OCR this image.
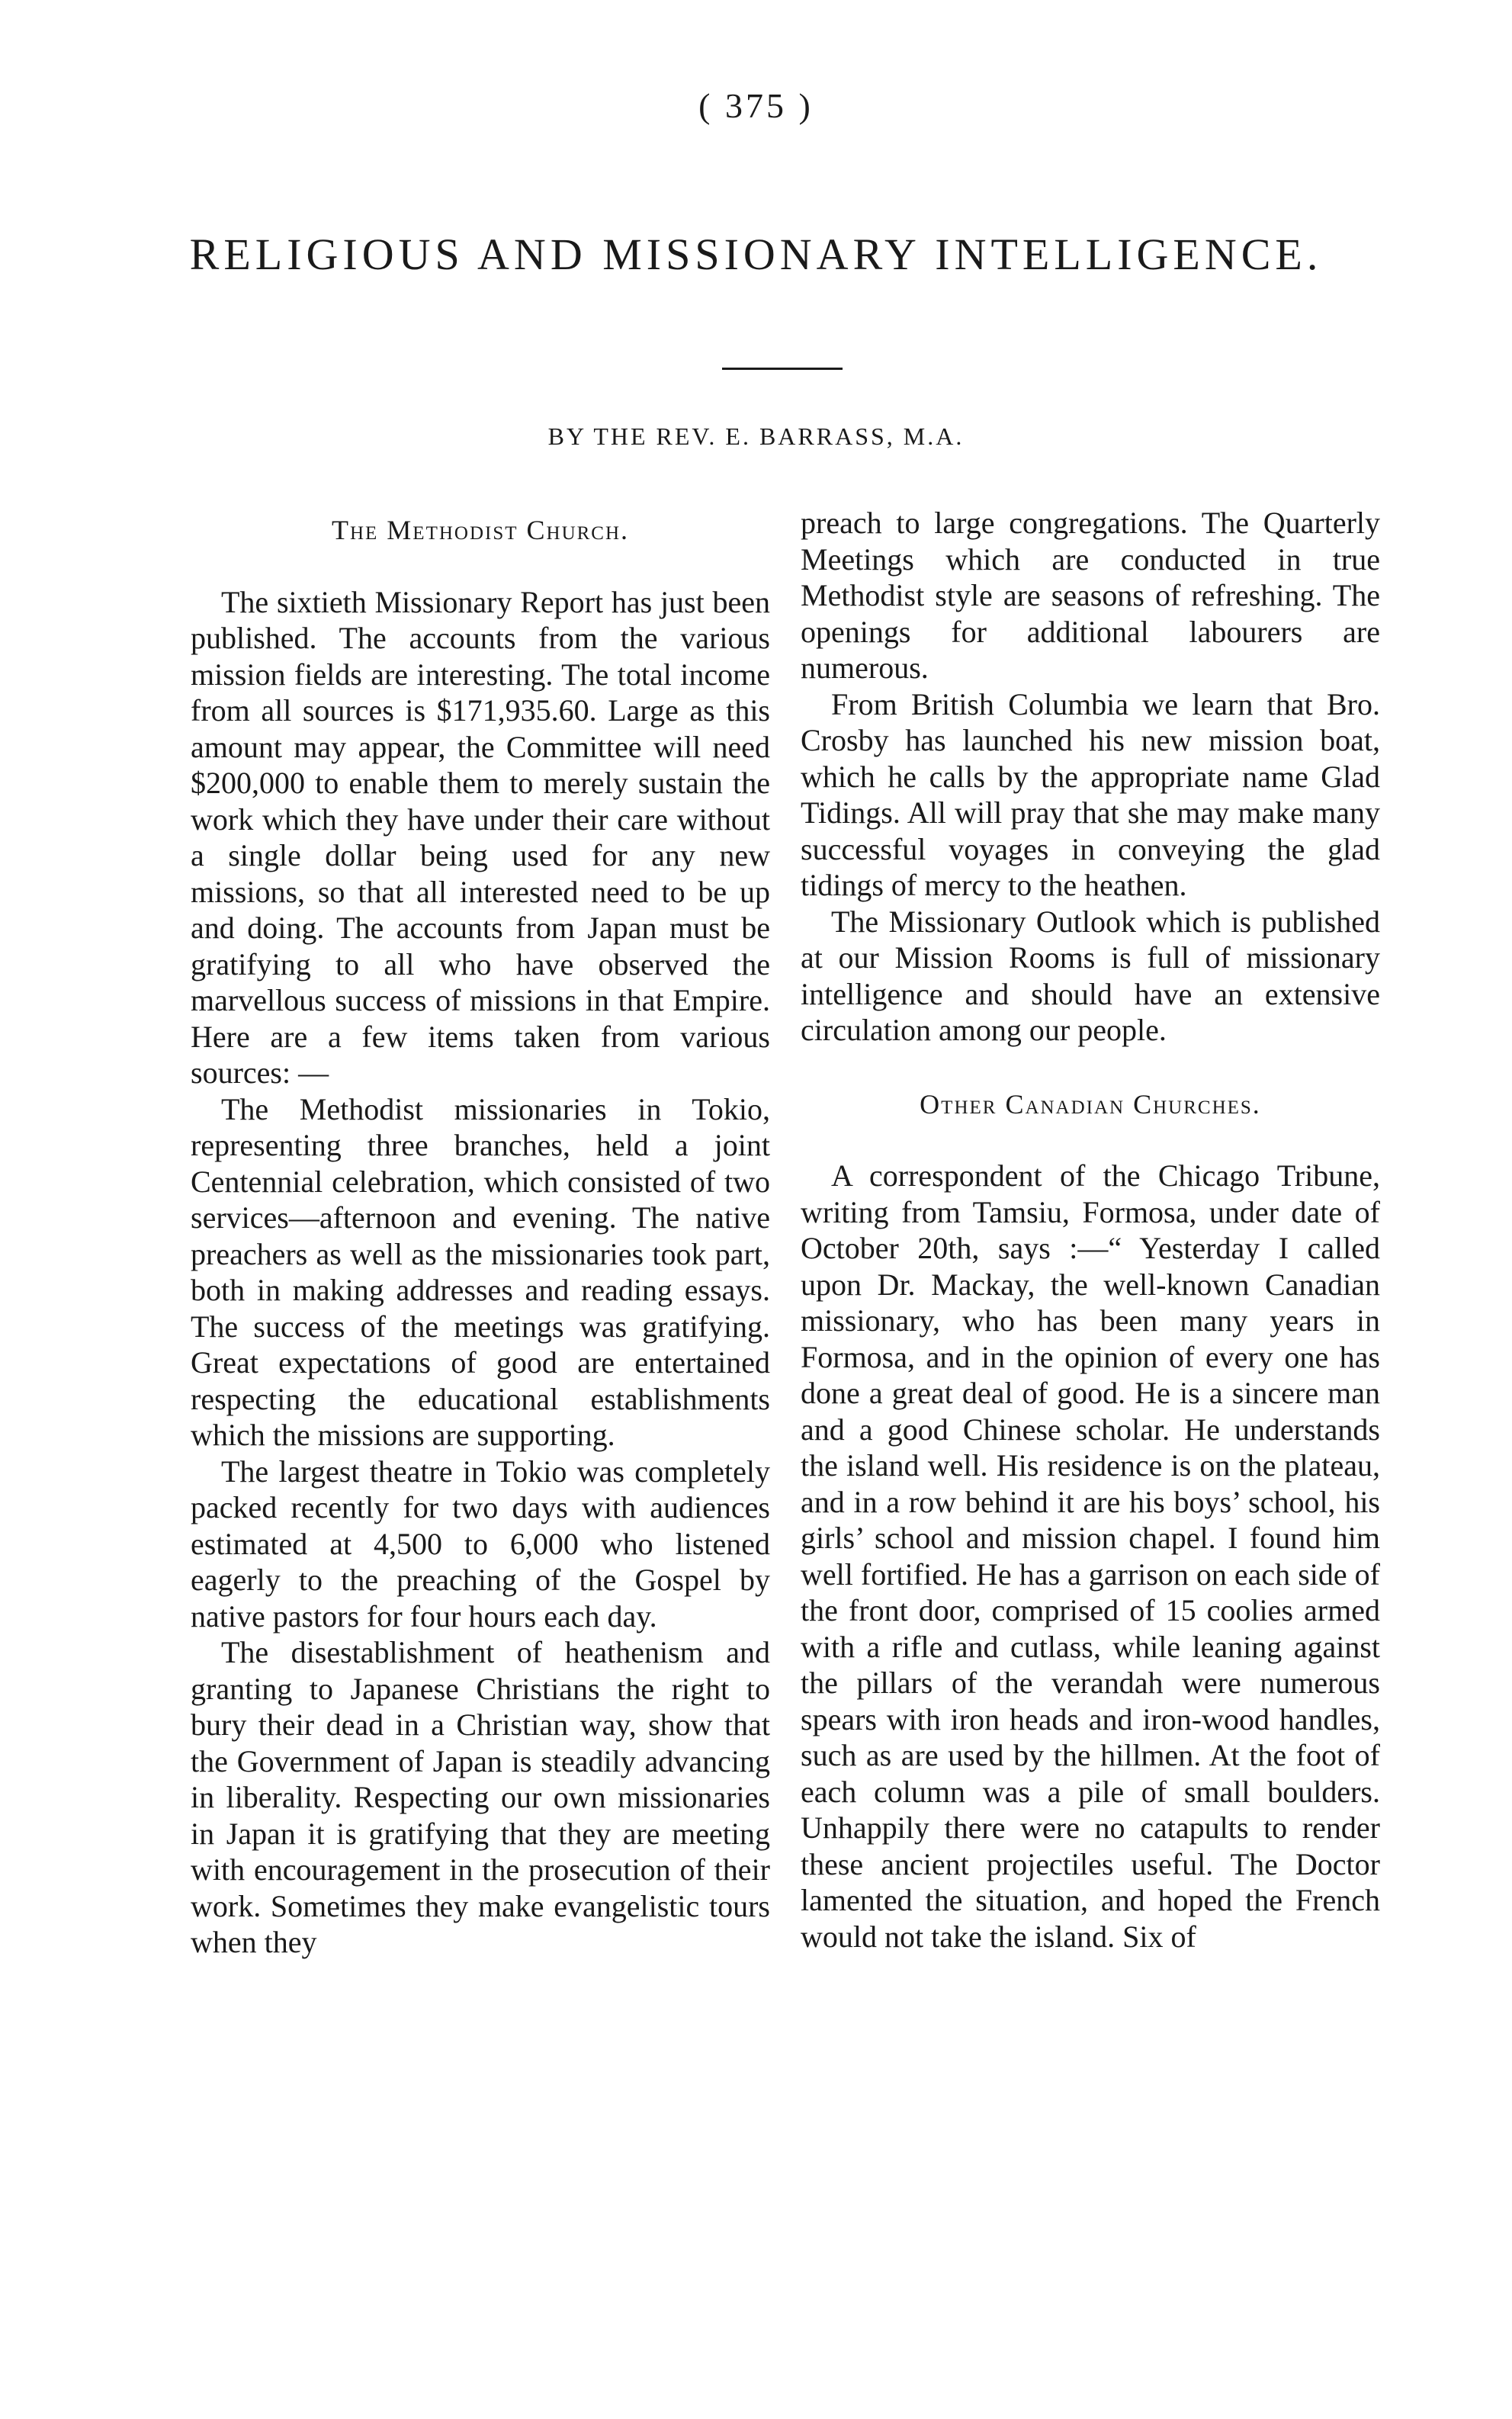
( 375 )
RELIGIOUS AND MISSIONARY INTELLIGENCE.
BY THE REV. E. BARRASS, M.A.
The Methodist Church.

The sixtieth Missionary Report has just been published. The accounts from the various mission fields are interesting. The total income from all sources is $171,935.60. Large as this amount may appear, the Committee will need $200,000 to enable them to merely sustain the work which they have under their care without a single dollar being used for any new missions, so that all interested need to be up and doing. The accounts from Japan must be gratifying to all who have observed the marvellous success of missions in that Empire. Here are a few items taken from various sources: —

The Methodist missionaries in Tokio, representing three branches, held a joint Centennial celebration, which consisted of two services—afternoon and evening. The native preachers as well as the missionaries took part, both in making addresses and reading essays. The success of the meetings was gratifying. Great expectations of good are entertained respecting the educational establishments which the missions are supporting.

The largest theatre in Tokio was completely packed recently for two days with audiences estimated at 4,500 to 6,000 who listened eagerly to the preaching of the Gospel by native pastors for four hours each day.

The disestablishment of heathenism and granting to Japanese Christians the right to bury their dead in a Christian way, show that the Government of Japan is steadily advancing in liberality. Respecting our own missionaries in Japan it is gratifying that they are meeting with encouragement in the prosecution of their work. Sometimes they make evangelistic tours when they

preach to large congregations. The Quarterly Meetings which are conducted in true Methodist style are seasons of refreshing. The openings for additional labourers are numerous.

From British Columbia we learn that Bro. Crosby has launched his new mission boat, which he calls by the appropriate name Glad Tidings. All will pray that she may make many successful voyages in conveying the glad tidings of mercy to the heathen.

The Missionary Outlook which is published at our Mission Rooms is full of missionary intelligence and should have an extensive circulation among our people.

Other Canadian Churches.

A correspondent of the Chicago Tribune, writing from Tamsiu, Formosa, under date of October 20th, says :—“ Yesterday I called upon Dr. Mackay, the well-known Canadian missionary, who has been many years in Formosa, and in the opinion of every one has done a great deal of good. He is a sincere man and a good Chinese scholar. He understands the island well. His residence is on the plateau, and in a row behind it are his boys’ school, his girls’ school and mission chapel. I found him well fortified. He has a garrison on each side of the front door, comprised of 15 coolies armed with a rifle and cutlass, while leaning against the pillars of the verandah were numerous spears with iron heads and iron-wood handles, such as are used by the hillmen. At the foot of each column was a pile of small boulders. Unhappily there were no catapults to render these ancient projectiles useful. The Doctor lamented the situation, and hoped the French would not take the island. Six of
